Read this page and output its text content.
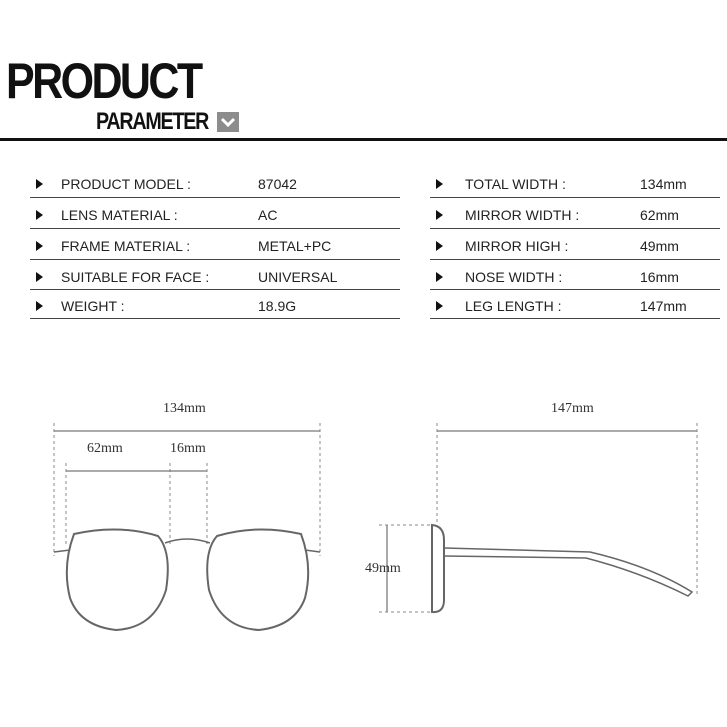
PRODUCT
PARAMETER
PRODUCT MODEL :	87042
LENS MATERIAL :	AC
FRAME MATERIAL :	METAL+PC
SUITABLE FOR FACE :	UNIVERSAL
WEIGHT :	18.9G
TOTAL WIDTH :	134mm
MIRROR WIDTH :	62mm
MIRROR HIGH :	49mm
NOSE WIDTH :	16mm
LEG LENGTH :	147mm
134mm
62mm	16mm
147mm
49mm
